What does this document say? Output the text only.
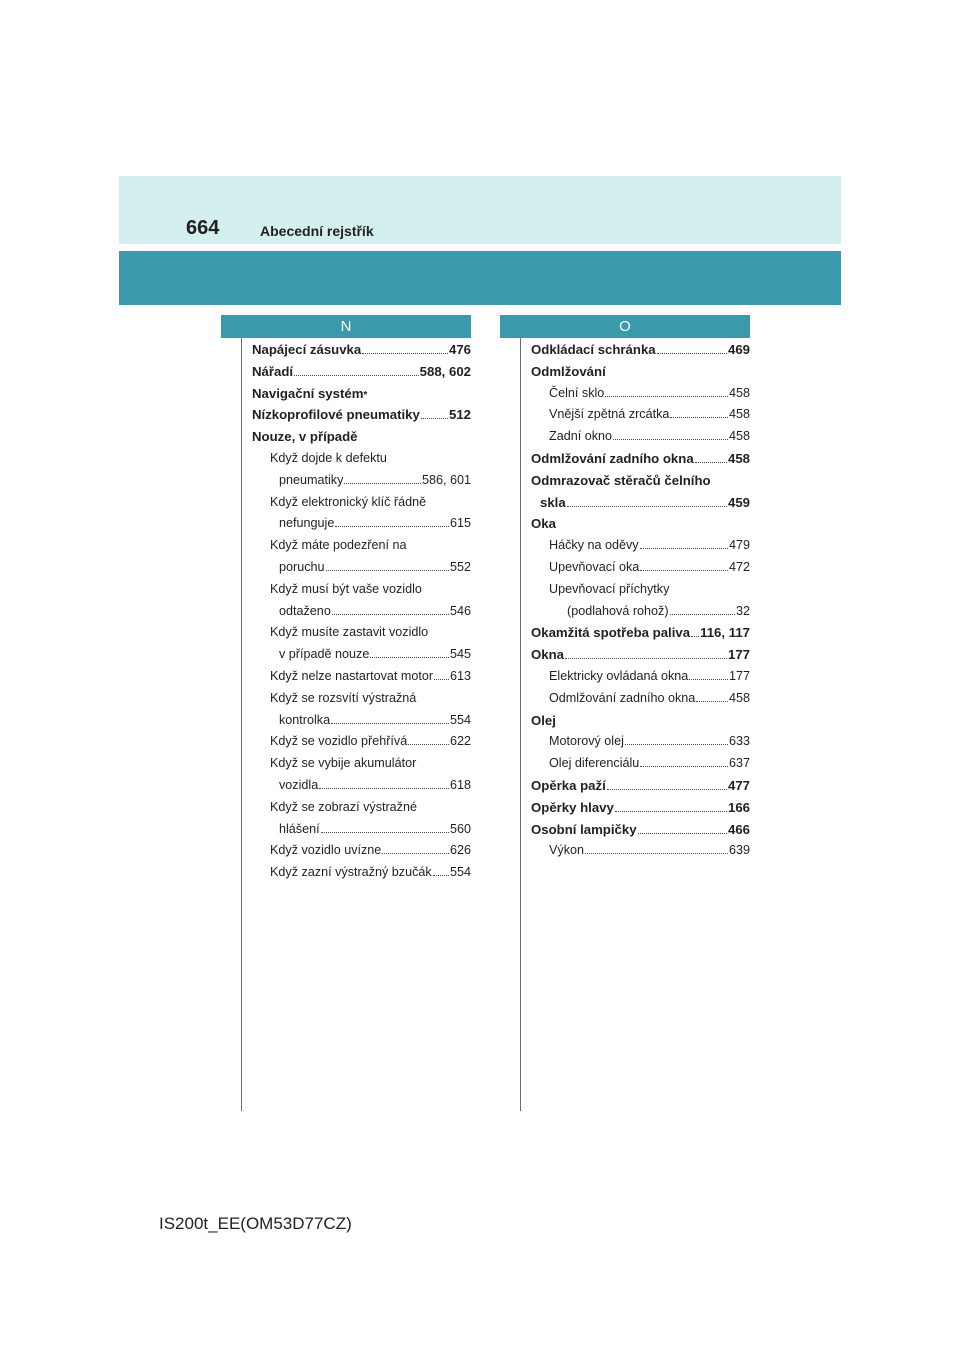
664	Abecední rejstřík
N	O
Napájecí zásuvka	476
Nářadí	588, 602
Navigační systém *
Nízkoprofilové pneumatiky 512
Nouze, v případě
Když dojde k defektu
pneumatiky	586, 601
Když elektronický klíč řádně
nefunguje	615
Když máte podezření na
poruchu	552
Když musí být vaše vozidlo
odtaženo	546
Když musíte zastavit vozidlo
v případě nouze	545
Když nelze nastartovat motor 613
Když se rozsvítí výstražná
kontrolka	554
Když se vozidlo přehřívá	622
Když se vybije akumulátor
vozidla	618
Když se zobrazí výstražné
hlášení	560
Když vozidlo uvízne	626
Když zazní výstražný bzučák 554
Odkládací schránka	469
Odmlžování
Čelní sklo	458
Vnější zpětná zrcátka	458
Zadní okno	458
Odmlžování zadního okna	458
Odmrazovač stěračů čelního
skla	459
Oka
Háčky na oděvy	479
Upevňovací oka	472
Upevňovací příchytky
(podlahová rohož)	32
Okamžitá spotřeba paliva 116, 117
Okna	177
Elektricky ovládaná okna	177
Odmlžování zadního okna	458
Olej
Motorový olej	633
Olej diferenciálu	637
Opěrka paží	477
Opěrky hlavy	166
Osobní lampičky	466
Výkon	639
IS200t_EE(OM53D77CZ)
